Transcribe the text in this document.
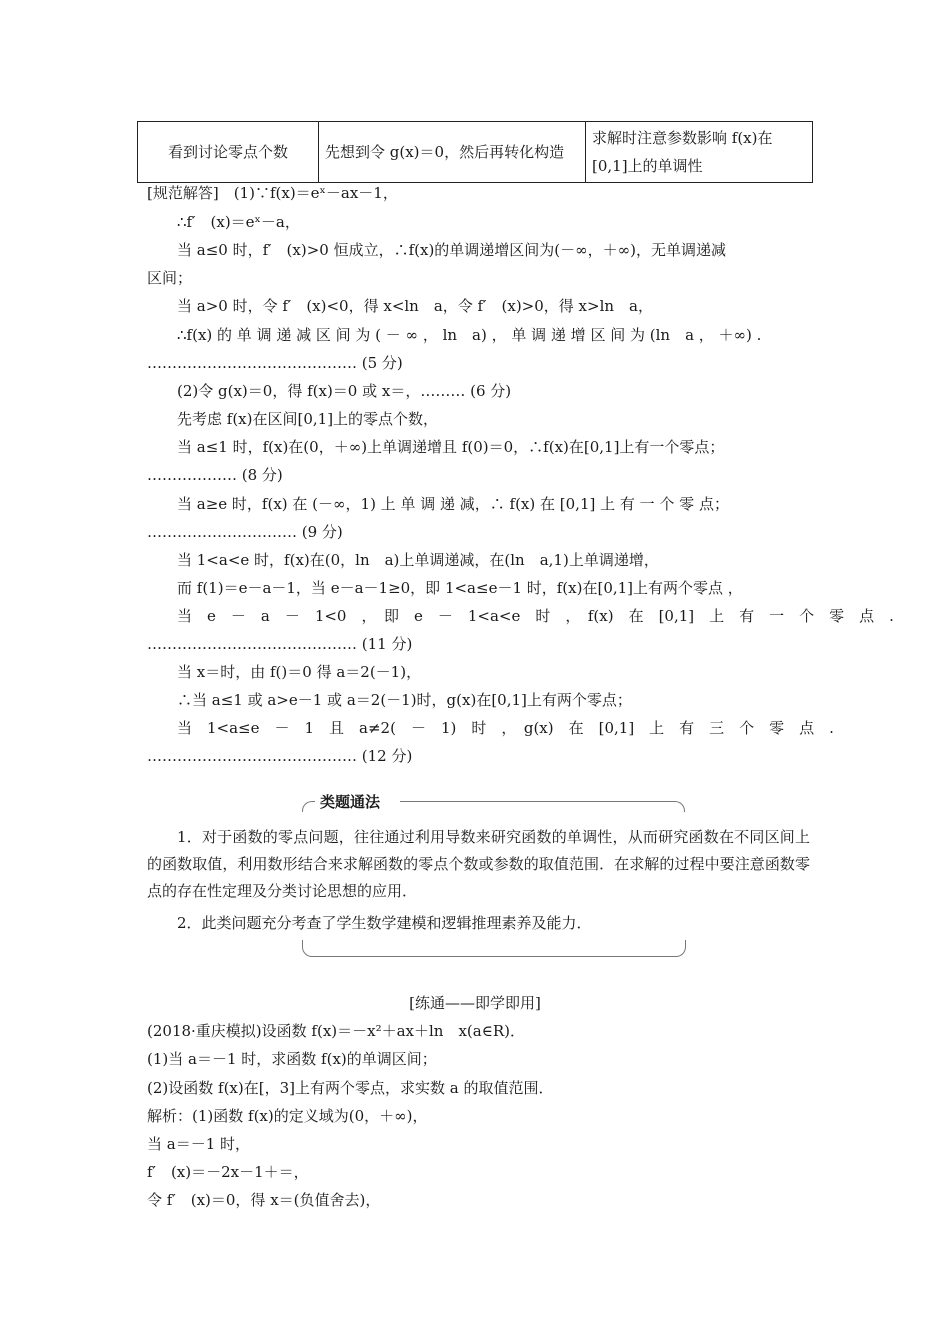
看到讨论零点个数	先想到令 g(x)＝0，然后再转化构造	求解时注意参数影响 f(x)在[0,1]上的单调性
[规范解答]　(1)∵f(x)＝eˣ－ax－1，
∴f′　(x)＝eˣ－a，
当 a≤0 时，f′　(x)>0 恒成立，∴f(x)的单调递增区间为(－∞，＋∞)，无单调递减
区间；
当 a>0 时，令 f′　(x)<0，得 x<ln　a，令 f′　(x)>0，得 x>ln　a，
∴f(x) 的 单 调 递 减 区 间 为 ( － ∞ ， ln　a) ， 单 调 递 增 区 间 为 (ln　a ， ＋∞) .
…………………………………… (5 分)
(2)令 g(x)＝0，得 f(x)＝0 或 x＝，……… (6 分)
先考虑 f(x)在区间[0,1]上的零点个数，
当 a≤1 时，f(x)在(0，＋∞)上单调递增且 f(0)＝0，∴f(x)在[0,1]上有一个零点；
……………… (8 分)
当 a≥e 时，f(x) 在 (－∞，1) 上 单 调 递 减，∴ f(x) 在 [0,1] 上 有 一 个 零 点；
………………………… (9 分)
当 1<a<e 时，f(x)在(0，ln　a)上单调递减，在(ln　a,1)上单调递增，
而 f(1)＝e－a－1，当 e－a－1≥0，即 1<a≤e－1 时，f(x)在[0,1]上有两个零点 ，
当　e　－　a　－　1<0　，　即　e　－　1<a<e　时　，　f(x)　在　[0,1]　上　有　一　个　零　点　.
…………………………………… (11 分)
当 x＝时，由 f()＝0 得 a＝2(－1)，
∴当 a≤1 或 a>e－1 或 a＝2(－1)时，g(x)在[0,1]上有两个零点；
当　1<a≤e　－　1　且　a≠2(　－　1)　时　，　g(x)　在　[0,1]　上　有　三　个　零　点　.
…………………………………… (12 分)
类题通法
1．对于函数的零点问题，往往通过利用导数来研究函数的单调性，从而研究函数在不同区间上的函数取值，利用数形结合来求解函数的零点个数或参数的取值范围．在求解的过程中要注意函数零点的存在性定理及分类讨论思想的应用．
2．此类问题充分考查了学生数学建模和逻辑推理素养及能力．
[练通——即学即用]
(2018·重庆模拟)设函数 f(x)＝－x²＋ax＋ln　x(a∈R)．
(1)当 a＝－1 时，求函数 f(x)的单调区间；
(2)设函数 f(x)在[，3]上有两个零点，求实数 a 的取值范围．
解析：(1)函数 f(x)的定义域为(0，＋∞)，
当 a＝－1 时，
f′　(x)＝－2x－1＋＝，
令 f′　(x)＝0，得 x＝(负值舍去)，
